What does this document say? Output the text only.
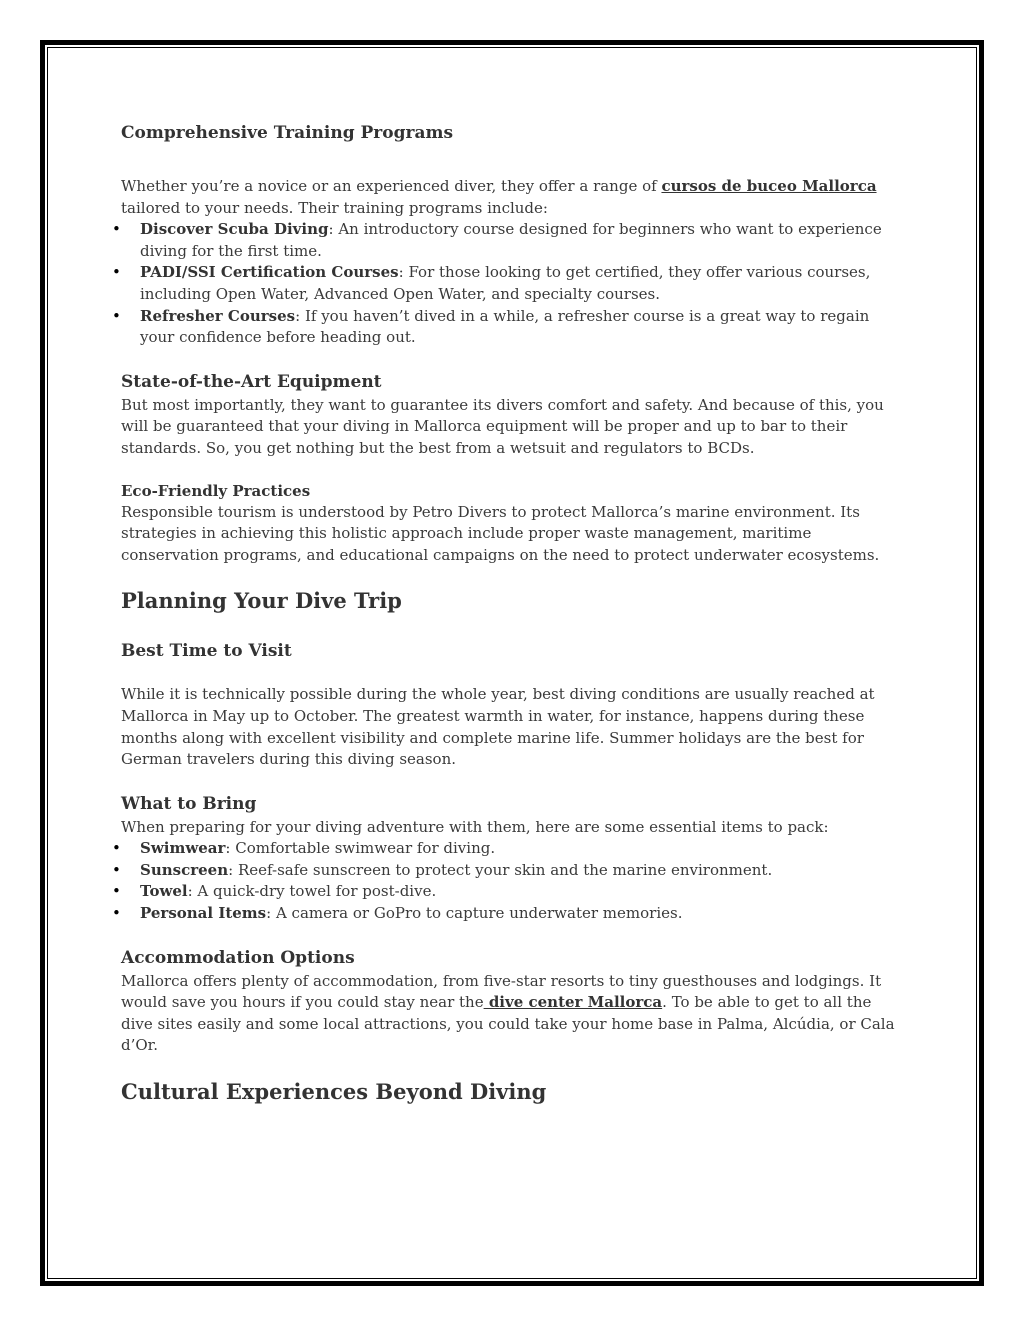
Comprehensive Training Programs

Whether you’re a novice or an experienced diver, they offer a range of cursos de buceo Mallorca tailored to your needs. Their training programs include:

• Discover Scuba Diving: An introductory course designed for beginners who want to experience diving for the first time.
• PADI/SSI Certification Courses: For those looking to get certified, they offer various courses, including Open Water, Advanced Open Water, and specialty courses.
• Refresher Courses: If you haven’t dived in a while, a refresher course is a great way to regain your confidence before heading out.
State-of-the-Art Equipment

But most importantly, they want to guarantee its divers comfort and safety. And because of this, you will be guaranteed that your diving in Mallorca equipment will be proper and up to bar to their standards. So, you get nothing but the best from a wetsuit and regulators to BCDs.

Eco-Friendly Practices

Responsible tourism is understood by Petro Divers to protect Mallorca’s marine environment. Its strategies in achieving this holistic approach include proper waste management, maritime conservation programs, and educational campaigns on the need to protect underwater ecosystems.

Planning Your Dive Trip
Best Time to Visit

While it is technically possible during the whole year, best diving conditions are usually reached at Mallorca in May up to October. The greatest warmth in water, for instance, happens during these months along with excellent visibility and complete marine life. Summer holidays are the best for German travelers during this diving season.

What to Bring

When preparing for your diving adventure with them, here are some essential items to pack:

• Swimwear: Comfortable swimwear for diving.
• Sunscreen: Reef-safe sunscreen to protect your skin and the marine environment.
• Towel: A quick-dry towel for post-dive.
• Personal Items: A camera or GoPro to capture underwater memories.
Accommodation Options

Mallorca offers plenty of accommodation, from five-star resorts to tiny guesthouses and lodgings. It would save you hours if you could stay near the dive center Mallorca. To be able to get to all the dive sites easily and some local attractions, you could take your home base in Palma, Alcúdia, or Cala d’Or.

Cultural Experiences Beyond Diving
